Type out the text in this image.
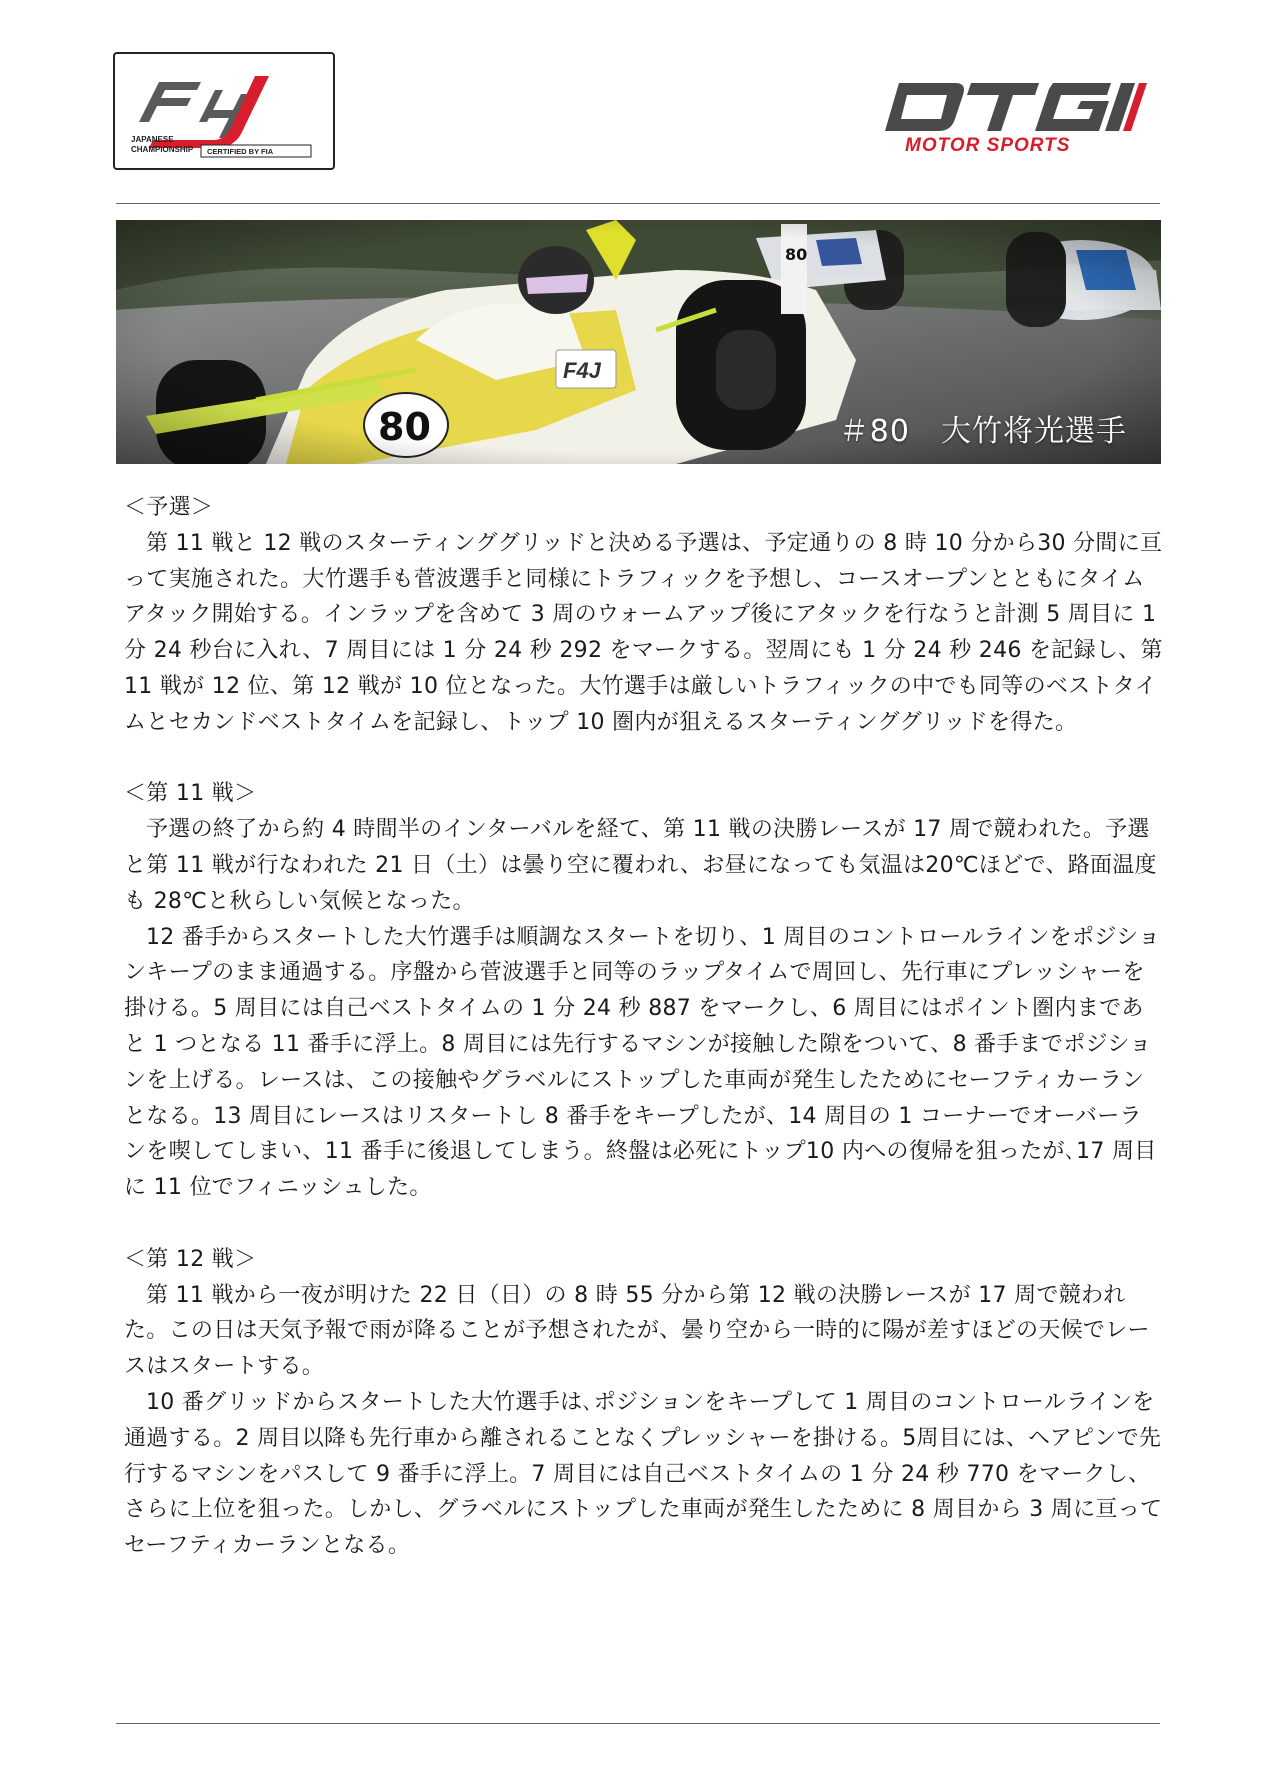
JAPANESE
CHAMPIONSHIP CERTIFIED BY FIA	MOTOR SPORTS
＃80　大竹将光選手

＜予選＞

第 11 戦と 12 戦のスターティンググリッドと決める予選は、予定通りの 8 時 10 分から30 分間に亘って実施された。大竹選手も菅波選手と同様にトラフィックを予想し、コースオープンとともにタイムアタック開始する。インラップを含めて 3 周のウォームアップ後にアタックを行なうと計測 5 周目に 1 分 24 秒台に入れ、7 周目には 1 分 24 秒 292 をマークする。翌周にも 1 分 24 秒 246 を記録し、第 11 戦が 12 位、第 12 戦が 10 位となった。大竹選手は厳しいトラフィックの中でも同等のベストタイムとセカンドベストタイムを記録し、トップ 10 圏内が狙えるスターティンググリッドを得た。

＜第 11 戦＞

予選の終了から約 4 時間半のインターバルを経て、第 11 戦の決勝レースが 17 周で競われた。予選と第 11 戦が行なわれた 21 日（土）は曇り空に覆われ、お昼になっても気温は20℃ほどで、路面温度も 28℃と秋らしい気候となった。

12 番手からスタートした大竹選手は順調なスタートを切り、1 周目のコントロールラインをポジションキープのまま通過する。序盤から菅波選手と同等のラップタイムで周回し、先行車にプレッシャーを掛ける。5 周目には自己ベストタイムの 1 分 24 秒 887 をマークし、6 周目にはポイント圏内まであと 1 つとなる 11 番手に浮上。8 周目には先行するマシンが接触した隙をついて、8 番手までポジションを上げる。レースは、この接触やグラベルにストップした車両が発生したためにセーフティカーランとなる。13 周目にレースはリスタートし 8 番手をキープしたが、14 周目の 1 コーナーでオーバーランを喫してしまい、11 番手に後退してしまう。終盤は必死にトップ10 内への復帰を狙ったが､17 周目に 11 位でフィニッシュした。

＜第 12 戦＞

第 11 戦から一夜が明けた 22 日（日）の 8 時 55 分から第 12 戦の決勝レースが 17 周で競われた。この日は天気予報で雨が降ることが予想されたが、曇り空から一時的に陽が差すほどの天候でレースはスタートする。

10 番グリッドからスタートした大竹選手は､ポジションをキープして 1 周目のコントロールラインを通過する。2 周目以降も先行車から離されることなくプレッシャーを掛ける。5周目には、ヘアピンで先行するマシンをパスして 9 番手に浮上。7 周目には自己ベストタイムの 1 分 24 秒 770 をマークし、さらに上位を狙った。しかし、グラベルにストップした車両が発生したために 8 周目から 3 周に亘ってセーフティカーランとなる。
